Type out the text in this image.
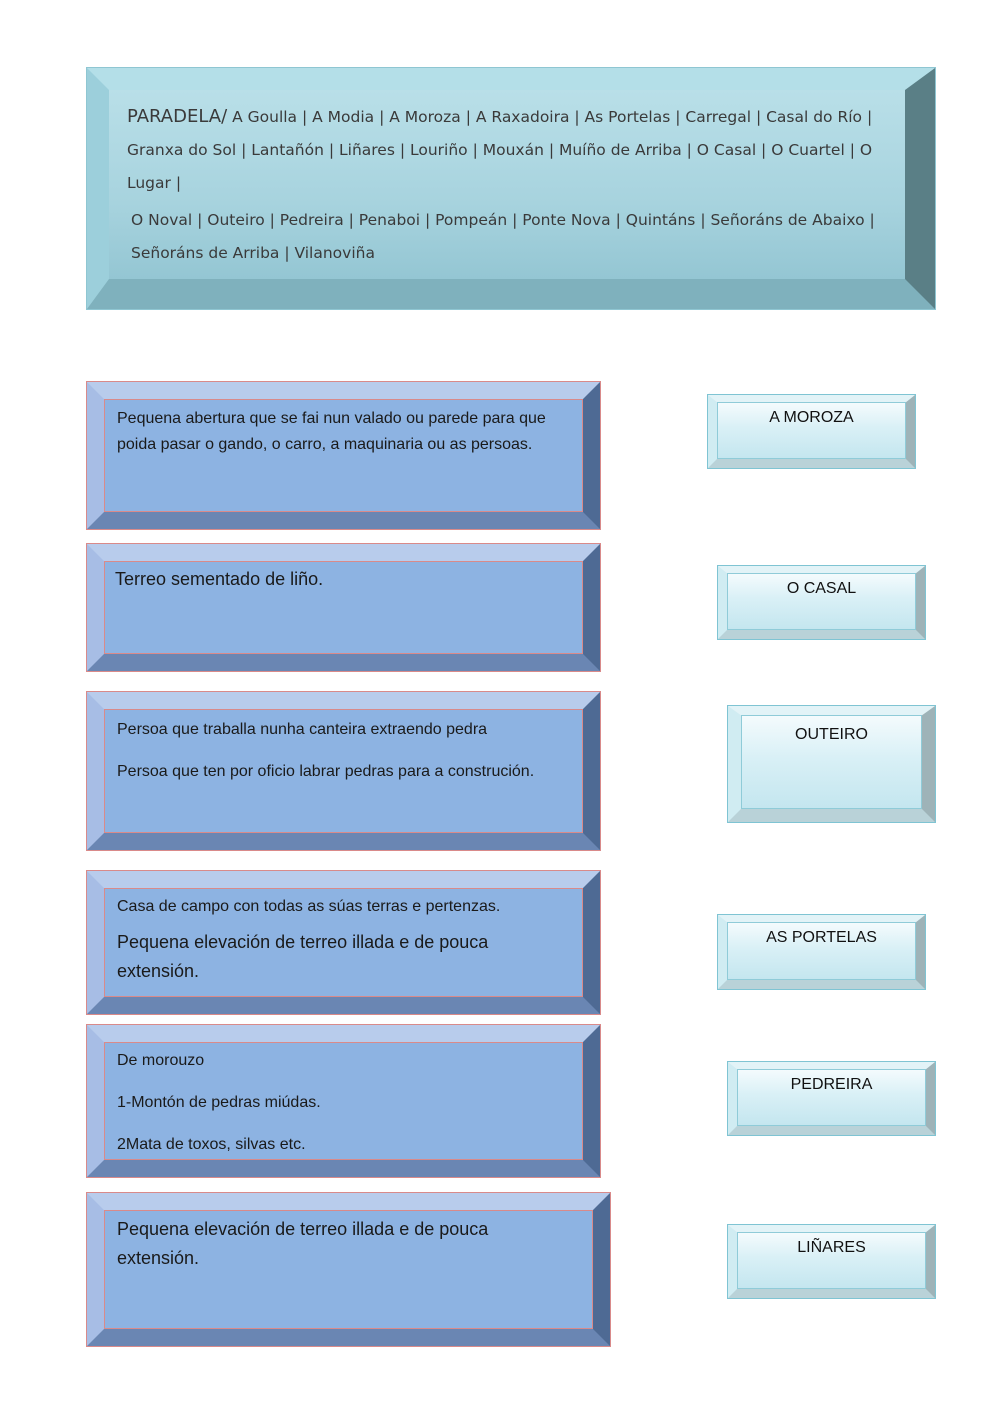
PARADELA/ A Goulla | A Modia | A Moroza | A Raxadoira | As Portelas | Carregal | Casal do Río | Granxa do Sol | Lantañón | Liñares | Louriño | Mouxán | Muíño de Arriba | O Casal | O Cuartel | O Lugar |

O Noval | Outeiro | Pedreira | Penaboi | Pompeán | Ponte Nova | Quintáns | Señoráns de Abaixo | Señoráns de Arriba | Vilanoviña

Pequena abertura que se fai nun valado ou parede para que poida pasar o gando, o carro, a maquinaria ou as persoas.

Terreo sementado de liño.

Persoa que traballa nunha canteira extraendo pedra

Persoa que ten por oficio labrar pedras para a construción.

Casa de campo con todas as súas terras e pertenzas.

Pequena elevación de terreo illada e de pouca extensión.

De morouzo

1-Montón de pedras miúdas.

2Mata de toxos, silvas etc.

Pequena elevación de terreo illada e de pouca extensión.

A MOROZA
O CASAL
OUTEIRO
AS PORTELAS
PEDREIRA
LIÑARES
